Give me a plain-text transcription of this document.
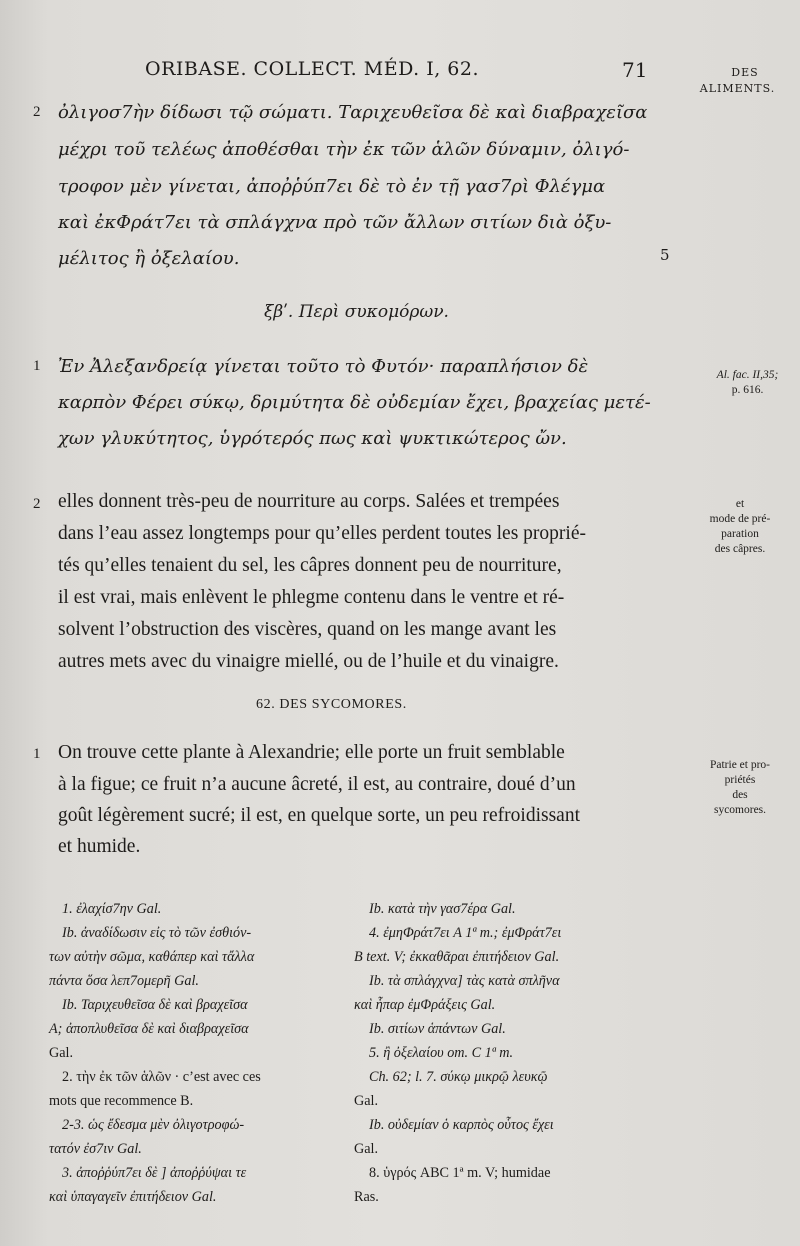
ORIBASE. COLLECT. MÉD. I, 62.	71	DES
ALIMENTS.
2 ὀλιγοσ7ὴν δίδωσι τῷ σώματι. Ταριχευθεῖσα δὲ καὶ διαβραχεῖσα
μέχρι τοῦ τελέως ἀποθέσθαι τὴν ἐκ τῶν ἁλῶν δύναμιν, ὀλιγό-
τροφον μὲν γίνεται, ἀποῤῥύπ7ει δὲ τὸ ἐν τῇ γασ7ρὶ Φλέγμα
καὶ ἐκΦράτ7ει τὰ σπλάγχνα πρὸ τῶν ἄλλων σιτίων διὰ ὀξυ-
μέλιτος ἢ ὀξελαίου.	5
ξβʹ. Περὶ συκομόρων.
1 Ἐν Ἀλεξανδρείᾳ γίνεται τοῦτο τὸ Φυτόν· παραπλήσιον δὲ
καρπὸν Φέρει σύκῳ, δριμύτητα δὲ οὐδεμίαν ἔχει, βραχείας μετέ-
χων γλυκύτητος, ὑγρότερός πως καὶ ψυκτικώτερος ὤν.
Al. fac. II,35;
p. 616.
2 elles donnent très-peu de nourriture au corps. Salées et trempées
dans l’eau assez longtemps pour qu’elles perdent toutes les proprié-
tés qu’elles tenaient du sel, les câpres donnent peu de nourriture,
il est vrai, mais enlèvent le phlegme contenu dans le ventre et ré-
solvent l’obstruction des viscères, quand on les mange avant les
autres mets avec du vinaigre miellé, ou de l’huile et du vinaigre.
et
mode de pré-
paration
des câpres.
62. DES SYCOMORES.
1 On trouve cette plante à Alexandrie; elle porte un fruit semblable
à la figue; ce fruit n’a aucune âcreté, il est, au contraire, doué d’un
goût légèrement sucré; il est, en quelque sorte, un peu refroidissant
et humide.
Patrie et pro-
priétés
des
sycomores.
1. ἐλαχίσ7ην Gal.
Ib. ἀναδίδωσιν εἰς τὸ τῶν ἐσθιόν-
των αὐτὴν σῶμα, καθάπερ καὶ τἄλλα
πάντα ὅσα λεπ7ομερῆ Gal.
Ib. Ταριχευθεῖσα δὲ καὶ βραχεῖσα
A; ἀποπλυθεῖσα δὲ καὶ διαβραχεῖσα
Gal.
2. τὴν ἐκ τῶν ἁλῶν · c’est avec ces
mots que recommence B.
2-3. ὡς ἔδεσμα μὲν ὀλιγοτροφώ-
τατόν ἐσ7ιν Gal.
3. ἀποῤῥύπ7ει δὲ ] ἀποῤῥύψαι τε
καὶ ὑπαγαγεῖν ἐπιτήδειον Gal.
Ib. κατὰ τὴν γασ7έρα Gal.
4. ἐμηΦράτ7ει A 1ª m.; ἐμΦράτ7ει
B text. V; ἐκκαθᾶραι ἐπιτήδειον Gal.
Ib. τὰ σπλάγχνα] τὰς κατὰ σπλῆνα
καὶ ἧπαρ ἐμΦράξεις Gal.
Ib. σιτίων ἁπάντων Gal.
5. ἢ ὀξελαίου om. C 1ª m.
Ch. 62; l. 7. σύκῳ μικρῷ λευκῷ
Gal.
Ib. οὐδεμίαν ὁ καρπὸς οὗτος ἔχει
Gal.
8. ὑγρός ABC 1ª m. V; humidae
Ras.
